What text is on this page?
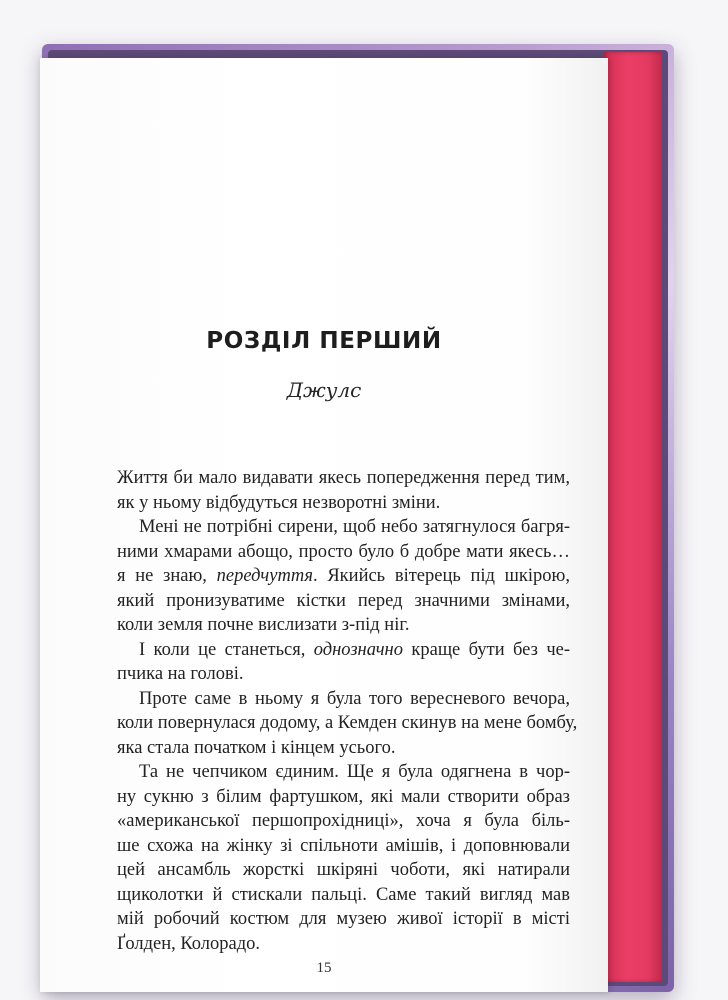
РОЗДІЛ ПЕРШИЙ
Джулс
Життя би мало видавати якесь попередження перед тим,
як у ньому відбудуться незворотні зміни.
Мені не потрібні сирени, щоб небо затягнулося багря-
ними хмарами абощо, просто було б добре мати якесь…
я не знаю, передчуття. Якийсь вітерець під шкірою,
який пронизуватиме кістки перед значними змінами,
коли земля почне вислизати з-під ніг.
І коли це станеться, однозначно краще бути без че-
пчика на голові.
Проте саме в ньому я була того вересневого вечора,
коли повернулася додому, а Кемден скинув на мене бомбу,
яка стала початком і кінцем усього.
Та не чепчиком єдиним. Ще я була одягнена в чор-
ну сукню з білим фартушком, які мали створити образ
«американської першопрохідниці», хоча я була біль-
ше схожа на жінку зі спільноти амішів, і доповнювали
цей ансамбль жорсткі шкіряні чоботи, які натирали
щиколотки й стискали пальці. Саме такий вигляд мав
мій робочий костюм для музею живої історії в місті
Ґолден, Колорадо.
15
